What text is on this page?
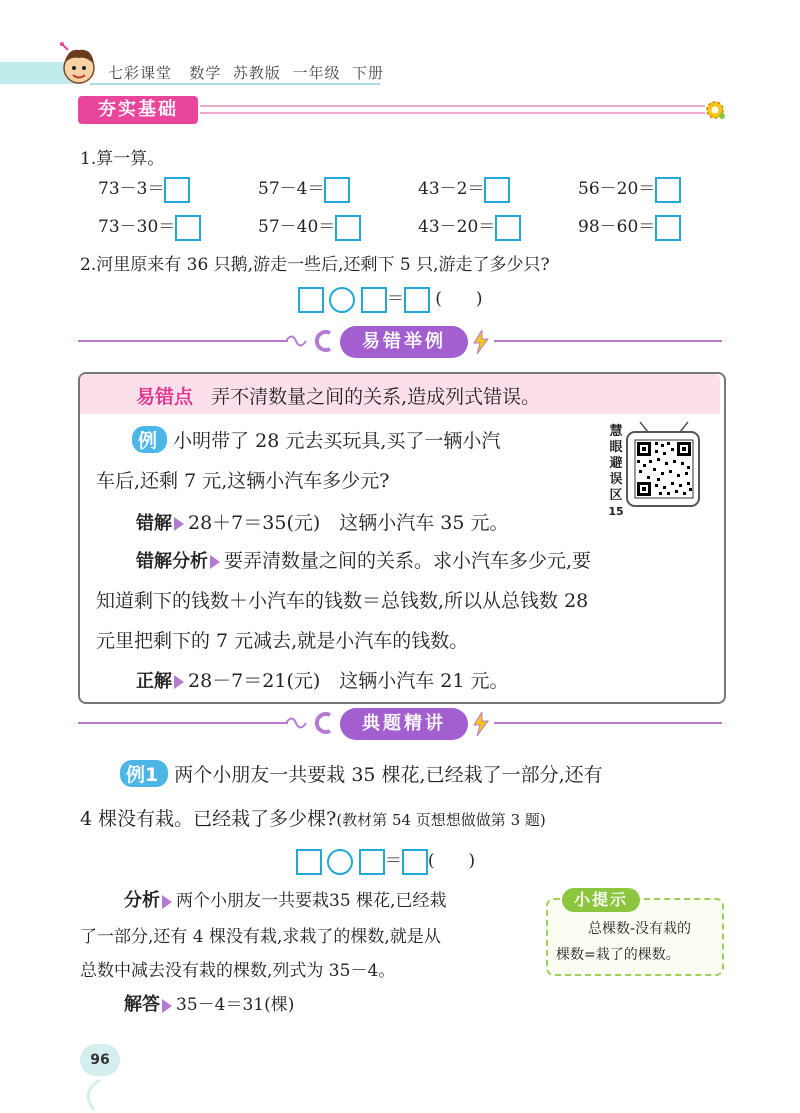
七彩课堂 数学 苏教版 一年级 下册
夯实基础
1.算一算。
73－3＝	57－4＝	43－2＝	56－20＝
73－30＝	57－40＝	43－20＝	98－60＝
2.河里原来有 36 只鹅,游走一些后,还剩下 5 只,游走了多少只?
＝ (　　)
易错举例
易错点 弄不清数量之间的关系,造成列式错误。
例 小明带了 28 元去买玩具,买了一辆小汽
车后,还剩 7 元,这辆小汽车多少元?
慧
眼
避
误
区
15
错解 28＋7＝35(元)　这辆小汽车 35 元。
错解分析 要弄清数量之间的关系。求小汽车多少元,要
知道剩下的钱数＋小汽车的钱数＝总钱数,所以从总钱数 28
元里把剩下的 7 元减去,就是小汽车的钱数。
正解 28－7＝21(元)　这辆小汽车 21 元。
典题精讲
例1 两个小朋友一共要栽 35 棵花,已经栽了一部分,还有
4 棵没有栽。已经栽了多少棵?(教材第 54 页想想做做第 3 题)
＝ (　　)
分析 两个小朋友一共要栽35 棵花,已经栽
了一部分,还有 4 棵没有栽,求栽了的棵数,就是从
总数中减去没有栽的棵数,列式为 35－4。
解答 35－4＝31(棵)
小提示
总棵数-没有栽的
棵数=栽了的棵数。
96
